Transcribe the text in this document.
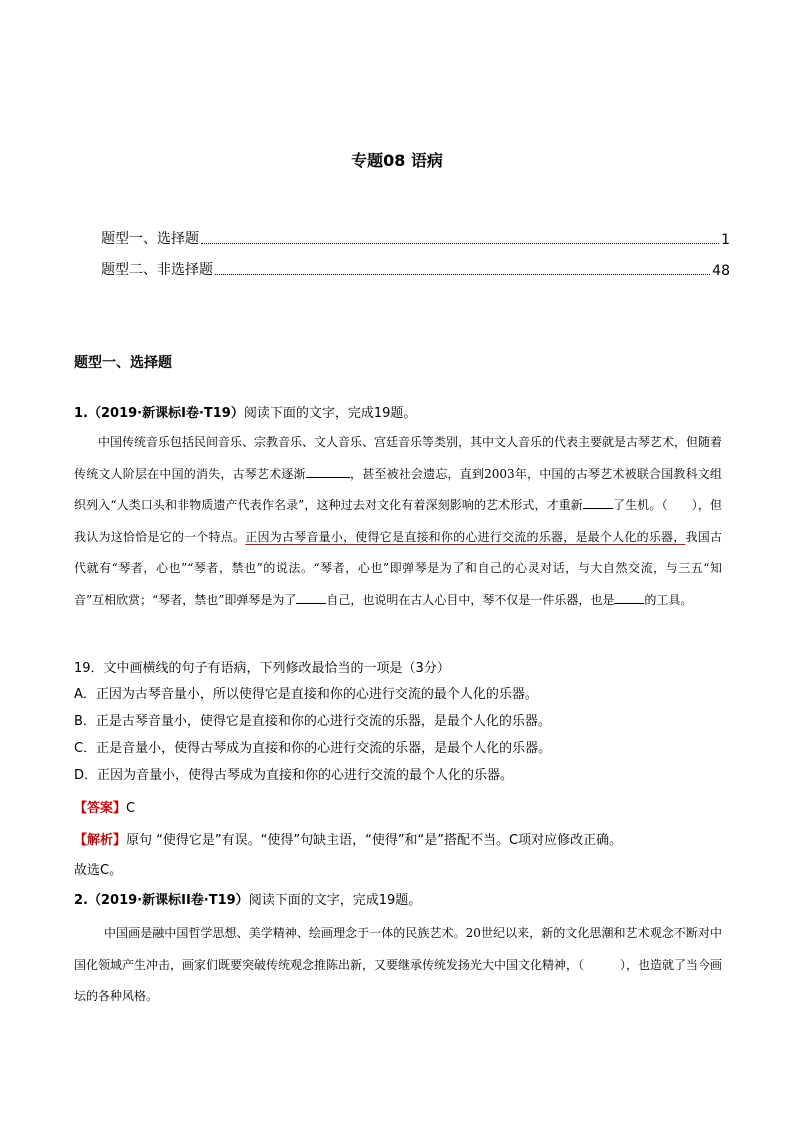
专题08 语病
题型一、选择题	1
题型二、非选择题	48
题型一、选择题
1.（2019·新课标Ⅰ卷·T19）阅读下面的文字，完成19题。
中国传统音乐包括民间音乐、宗教音乐、文人音乐、宫廷音乐等类别，其中文人音乐的代表主要就是古琴艺术，但随着传统文人阶层在中国的消失，古琴艺术逐渐	，甚至被社会遗忘，直到2003年，中国的古琴艺术被联合国教科文组织列入“人类口头和非物质遗产代表作名录”，这种过去对文化有着深刻影响的艺术形式，才重新	了生机。（　　），但我认为这恰恰是它的一个特点。正因为古琴音量小，使得它是直接和你的心进行交流的乐器，是最个人化的乐器，我国古代就有“琴者，心也”“琴者，禁也”的说法。“琴者，心也”即弹琴是为了和自己的心灵对话，与大自然交流，与三五“知音”互相欣赏；“琴者，禁也”即弹琴是为了	自己，也说明在古人心目中，琴不仅是一件乐器，也是	的工具。
19．文中画横线的句子有语病，下列修改最恰当的一项是（3分）
A．正因为古琴音量小，所以使得它是直接和你的心进行交流的最个人化的乐器。
B．正是古琴音量小，使得它是直接和你的心进行交流的乐器，是最个人化的乐器。
C．正是音量小，使得古琴成为直接和你的心进行交流的乐器，是最个人化的乐器。
D．正因为音量小，使得古琴成为直接和你的心进行交流的最个人化的乐器。
【答案】C
【解析】原句 “使得它是”有误。“使得”句缺主语，“使得”和“是”搭配不当。C项对应修改正确。
故选C。
2.（2019·新课标II卷·T19）阅读下面的文字，完成19题。
中国画是融中国哲学思想、美学精神、绘画理念于一体的民族艺术。20世纪以来，新的文化思潮和艺术观念不断对中国化领域产生冲击，画家们既要突破传统观念推陈出新，又要继承传统发扬光大中国文化精神，（　　　），也造就了当今画坛的各种风格。
